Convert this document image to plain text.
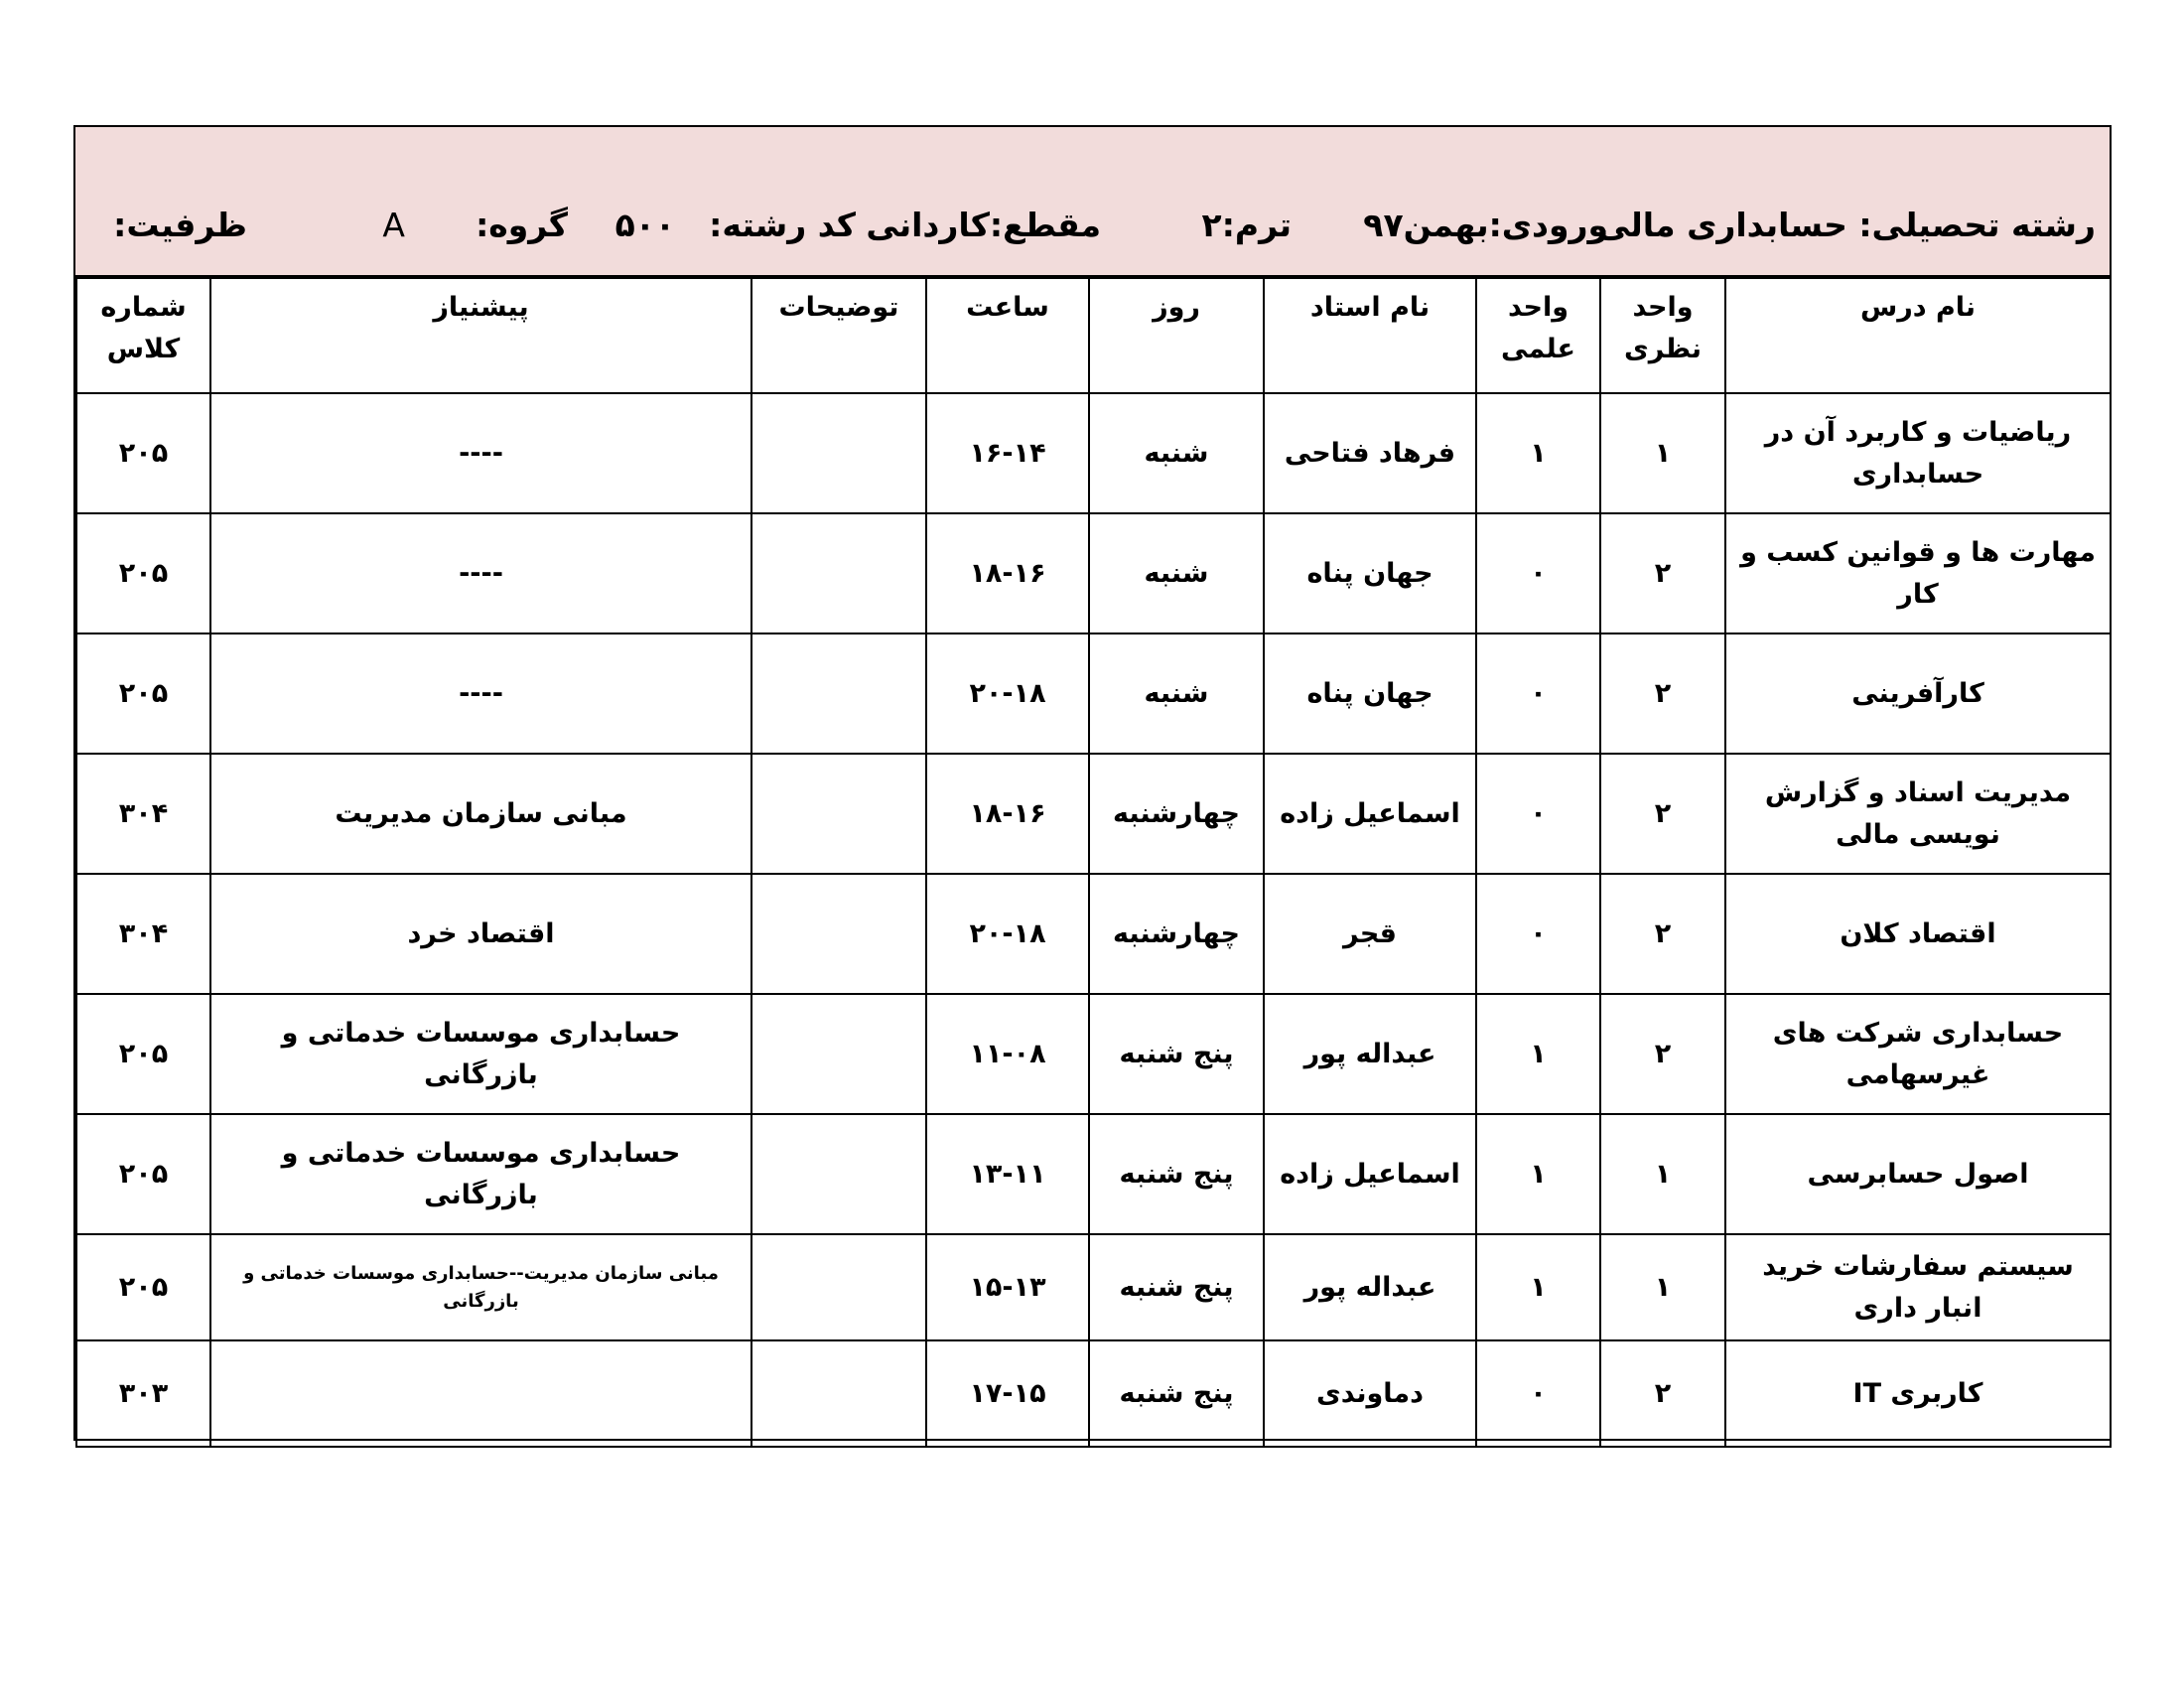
رشته تحصیلی: حسابداری مالی
ورودی:بهمن۹۷
ترم:۲
مقطع:کاردانی
کد رشته:
۵۰۰
گروه:
A
ظرفیت:
نام درس	واحد نظری	واحد علمی	نام استاد	روز	ساعت	توضیحات	پیشنیاز	شماره کلاس
ریاضیات و کاربرد آن در حسابداری	۱	۱	فرهاد فتاحی	شنبه	۱۶-۱۴		----	۲۰۵
مهارت ها و قوانین کسب و کار	۲	۰	جهان پناه	شنبه	۱۸-۱۶		----	۲۰۵
کارآفرینی	۲	۰	جهان پناه	شنبه	۲۰-۱۸		----	۲۰۵
مدیریت اسناد و گزارش نویسی مالی	۲	۰	اسماعیل زاده	چهارشنبه	۱۸-۱۶		مبانی سازمان مدیریت	۳۰۴
اقتصاد کلان	۲	۰	قجر	چهارشنبه	۲۰-۱۸		اقتصاد خرد	۳۰۴
حسابداری شرکت های غیرسهامی	۲	۱	عبداله پور	پنج شنبه	۱۱-۰۸		حسابداری موسسات خدماتی و بازرگانی	۲۰۵
اصول حسابرسی	۱	۱	اسماعیل زاده	پنج شنبه	۱۳-۱۱		حسابداری موسسات خدماتی و بازرگانی	۲۰۵
سیستم سفارشات خرید انبار داری	۱	۱	عبداله پور	پنج شنبه	۱۵-۱۳		مبانی سازمان مدیریت--حسابداری موسسات خدماتی و بازرگانی	۲۰۵
کاربری IT	۲	۰	دماوندی	پنج شنبه	۱۷-۱۵			۳۰۳
